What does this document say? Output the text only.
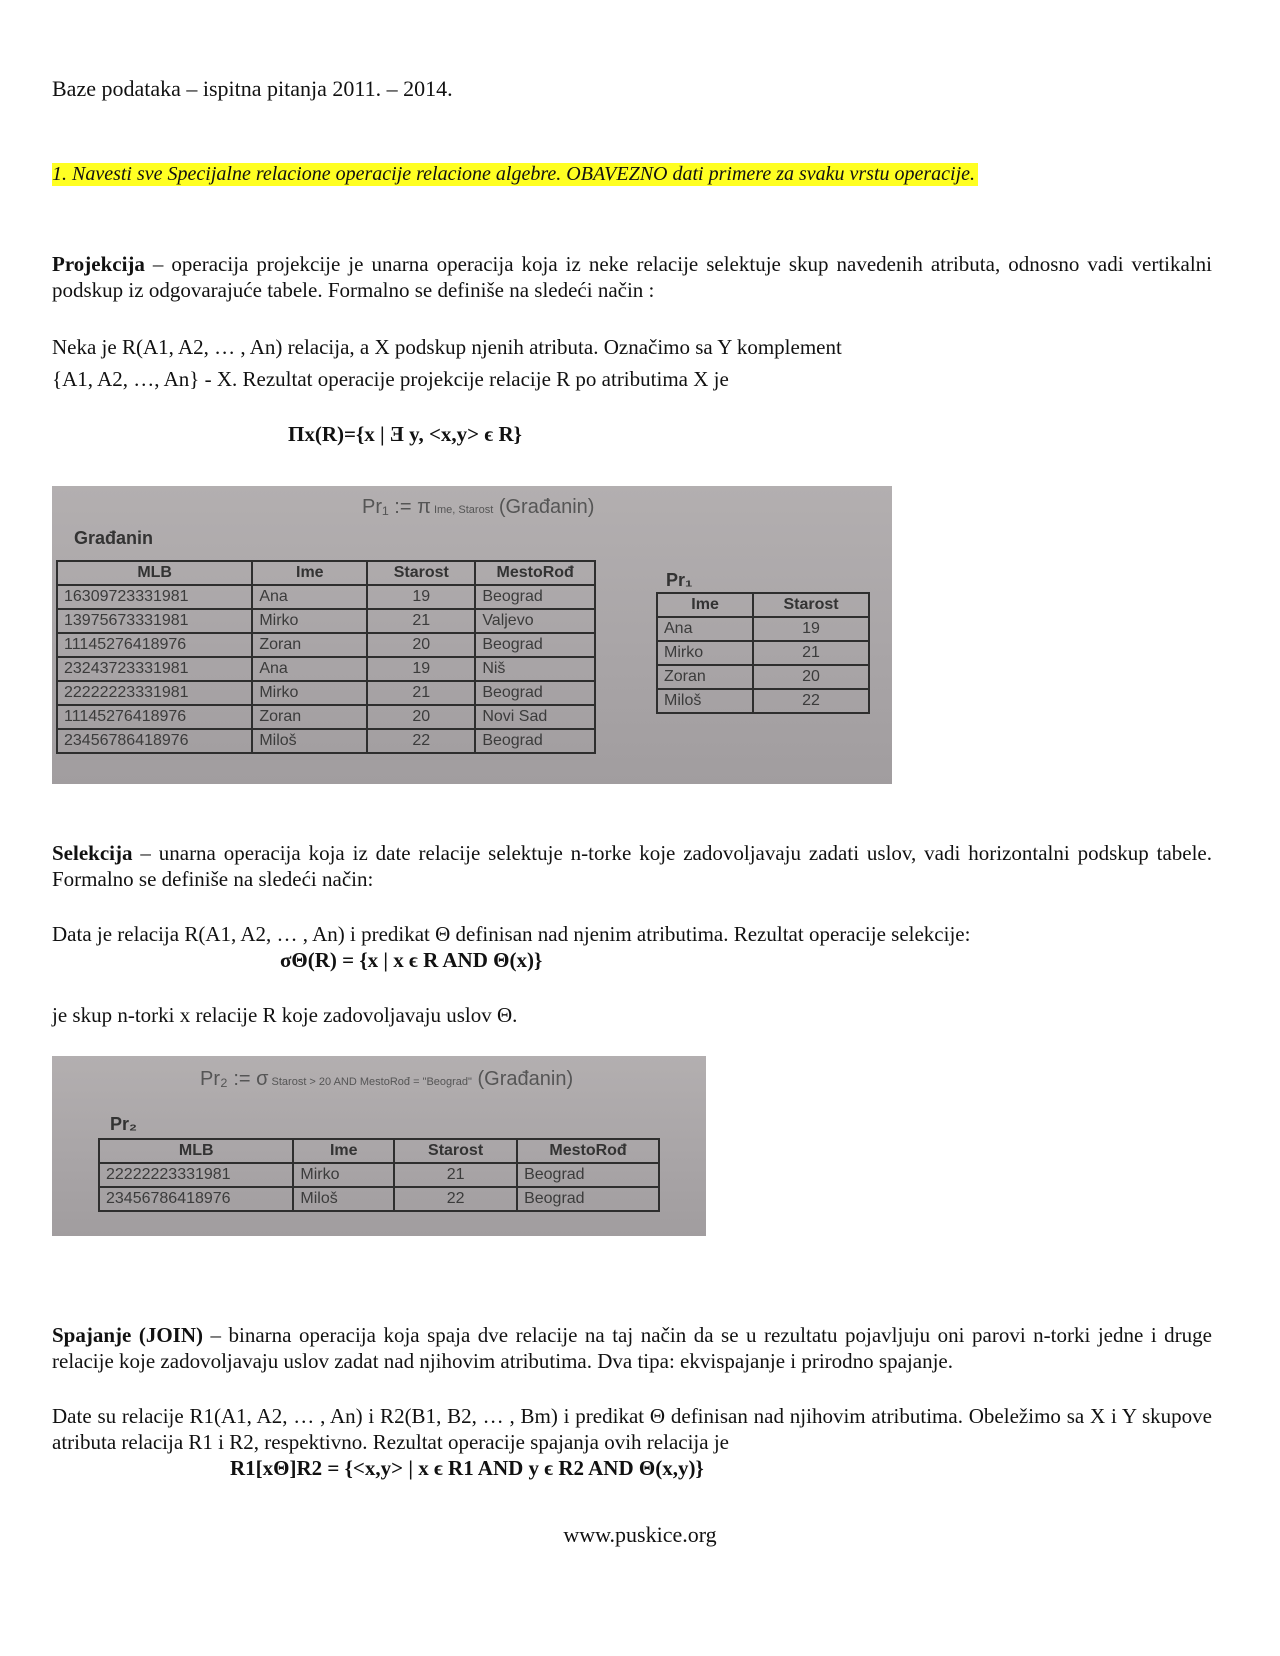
Baze podataka – ispitna pitanja 2011. – 2014.
1. Navesti sve Specijalne relacione operacije relacione algebre. OBAVEZNO dati primere za svaku vrstu operacije.
Projekcija – operacija projekcije je unarna operacija koja iz neke relacije selektuje skup navedenih atributa, odnosno vadi vertikalni podskup iz odgovarajuće tabele. Formalno se definiše na sledeći način :
Neka je R(A1, A2, … , An) relacija, a X podskup njenih atributa. Označimo sa Y komplement
{A1, A2, …, An} - X. Rezultat operacije projekcije relacije R po atributima X je
Πx(R)={x | Ǝ y, <x,y> ϵ R}
Pr₁ := π Ime, Starost (Građanin)
Građanin
MLB	Ime	Starost	MestoRođ
16309723331981	Ana	19	Beograd
13975673331981	Mirko	21	Valjevo
11145276418976	Zoran	20	Beograd
23243723331981	Ana	19	Niš
22222223331981	Mirko	21	Beograd
11145276418976	Zoran	20	Novi Sad
23456786418976	Miloš	22	Beograd
Pr₁
Ime	Starost
Ana	19
Mirko	21
Zoran	20
Miloš	22
Selekcija – unarna operacija koja iz date relacije selektuje n-torke koje zadovoljavaju zadati uslov, vadi horizontalni podskup tabele. Formalno se definiše na sledeći način:
Data je relacija R(A1, A2, … , An) i predikat Θ definisan nad njenim atributima. Rezultat operacije selekcije:
σΘ(R) = {x | x ϵ R AND Θ(x)}
je skup n-torki x relacije R koje zadovoljavaju uslov Θ.
Pr₂ := σ Starost > 20 AND MestoRođ = "Beograd" (Građanin)
Pr₂
MLB	Ime	Starost	MestoRođ
22222223331981	Mirko	21	Beograd
23456786418976	Miloš	22	Beograd
Spajanje (JOIN) – binarna operacija koja spaja dve relacije na taj način da se u rezultatu pojavljuju oni parovi n-torki jedne i druge relacije koje zadovoljavaju uslov zadat nad njihovim atributima. Dva tipa: ekvispajanje i prirodno spajanje.
Date su relacije R1(A1, A2, … , An) i R2(B1, B2, … , Bm) i predikat Θ definisan nad njihovim atributima. Obeležimo sa X i Y skupove atributa relacija R1 i R2, respektivno. Rezultat operacije spajanja ovih relacija je
R1[xΘ]R2 = {<x,y> | x ϵ R1 AND y ϵ R2 AND Θ(x,y)}
www.puskice.org
